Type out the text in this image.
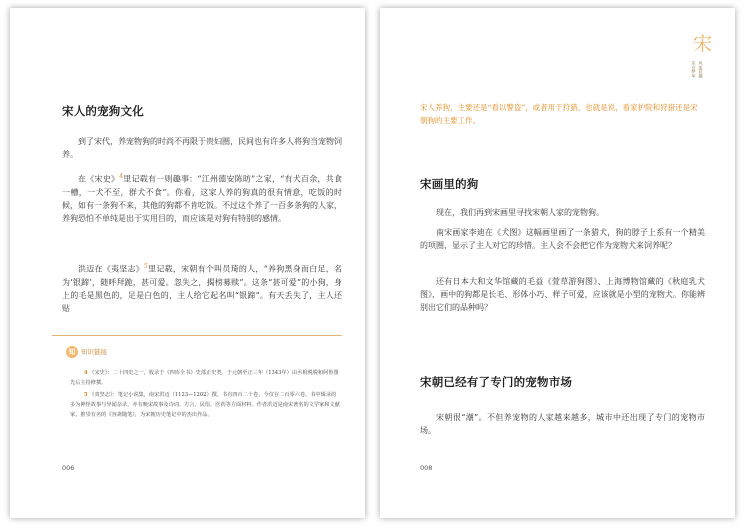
宋人的宠狗文化

到了宋代，养宠物狗的时尚不再限于贵妇圈，民间也有许多人将狗当宠物饲养。

在《宋史》$^4$里记载有一则趣事：“江州德安陈昉”之家，“有犬百余，共食一槽，一犬不至，群犬不食”。你看，这家人养的狗真的很有情意，吃饭的时候，如有一条狗不来，其他的狗都不肯吃饭。不过这个养了一百多条狗的人家，养狗恐怕不单纯是出于实用目的，而应该是对狗有特别的感情。

洪迈在《夷坚志》$^5$里记载，宋朝有个叫员琦的人，“养狗黑身而白足，名为‘银蹄’，随呼拜跪，甚可爱。忽失之，揭榜募赎”。这条“甚可爱”的小狗，身上的毛是黑色的，足是白色的，主人给它起名叫“银蹄”。有天丢失了，主人还贴

知 知识链接

4 《宋史》：二十四史之一，收录于《四库全书》史部正史类。于元朝至正三年（1343年）由丞相脱脱和阿鲁图先后主持修撰。

5 《夷坚志》：笔记小说集，南宋洪迈（1123—1202）撰。书有四百二十卷，今仅存二百零六卷。书中辑录的多为神怪故事与异闻杂录，亦有晚宋故事及诗词、方言、民俗、医药等方面材料。作者洪迈是南宋著名的文学家和文献家，推崇有名的《容斋随笔》，为宋朝历史笔记中的杰出作品。

006
宋
东京梦华 风流意趣

宋人养狗，主要还是“看以警盗”，或者用于狩猎、也就是说，看家护院和狩猎还是宋朝狗的主要工作。

宋画里的狗

现在，我们再到宋画里寻找宋朝人家的宠物狗。

南宋画家李迪在《犬图》这幅画里画了一条猎犬，狗的脖子上系有一个精美的项圈，显示了主人对它的珍惜。主人会不会把它作为宠物犬来饲养呢？

还有日本大和文华馆藏的毛益《萱草游狗图》、上海博物馆藏的《秋庭乳犬图》，画中的狗都是长毛、形体小巧、样子可爱，应该就是小型的宠物犬。你能辨别出它们的品种吗？

宋朝已经有了专门的宠物市场

宋朝很“潮”。不但养宠物的人家越来越多，城市中还出现了专门的宠物市场。

008
